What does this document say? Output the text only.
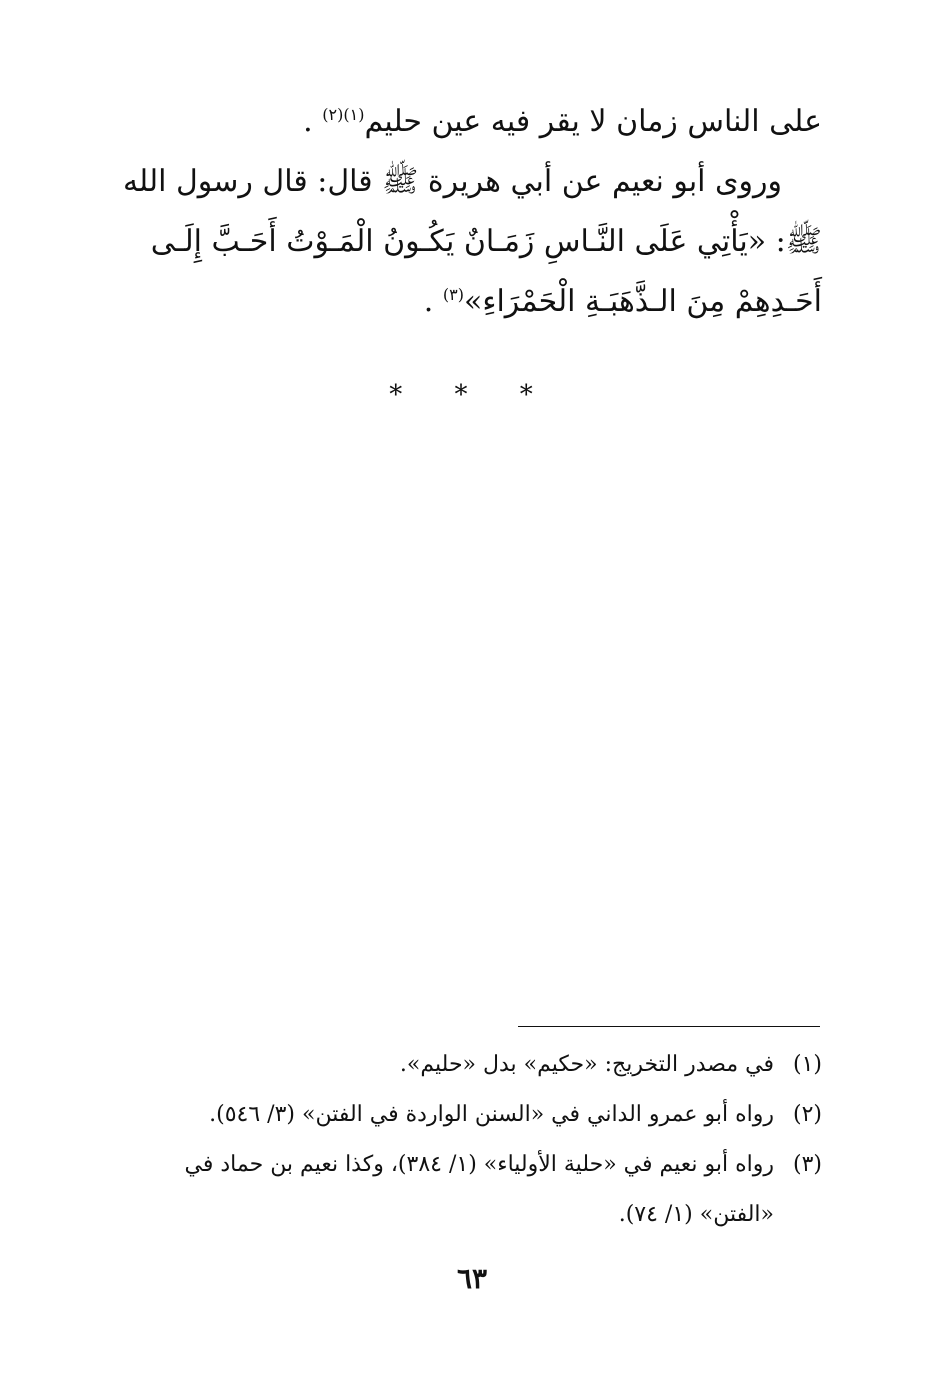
على الناس زمان لا يقر فيه عين حليم$^{(١)(٢)}$ .

وروى أبو نعيم عن أبي هريرة ﷺ قال: قال رسول الله ﷺ: «يَأْتِي عَلَى النَّـاسِ زَمَـانٌ يَكُـونُ الْمَـوْتُ أَحَـبَّ إِلَـى أَحَـدِهِمْ مِنَ الـذَّهَبَـةِ الْحَمْرَاءِ»$^{(٣)}$ .

* * *
(١)
في مصدر التخريج: «حكيم» بدل «حليم».
(٢)
رواه أبو عمرو الداني في «السنن الواردة في الفتن» (٣/ ٥٤٦).
(٣)
رواه أبو نعيم في «حلية الأولياء» (١/ ٣٨٤)، وكذا نعيم بن حماد في «الفتن» (١/ ٧٤).
٦٣
